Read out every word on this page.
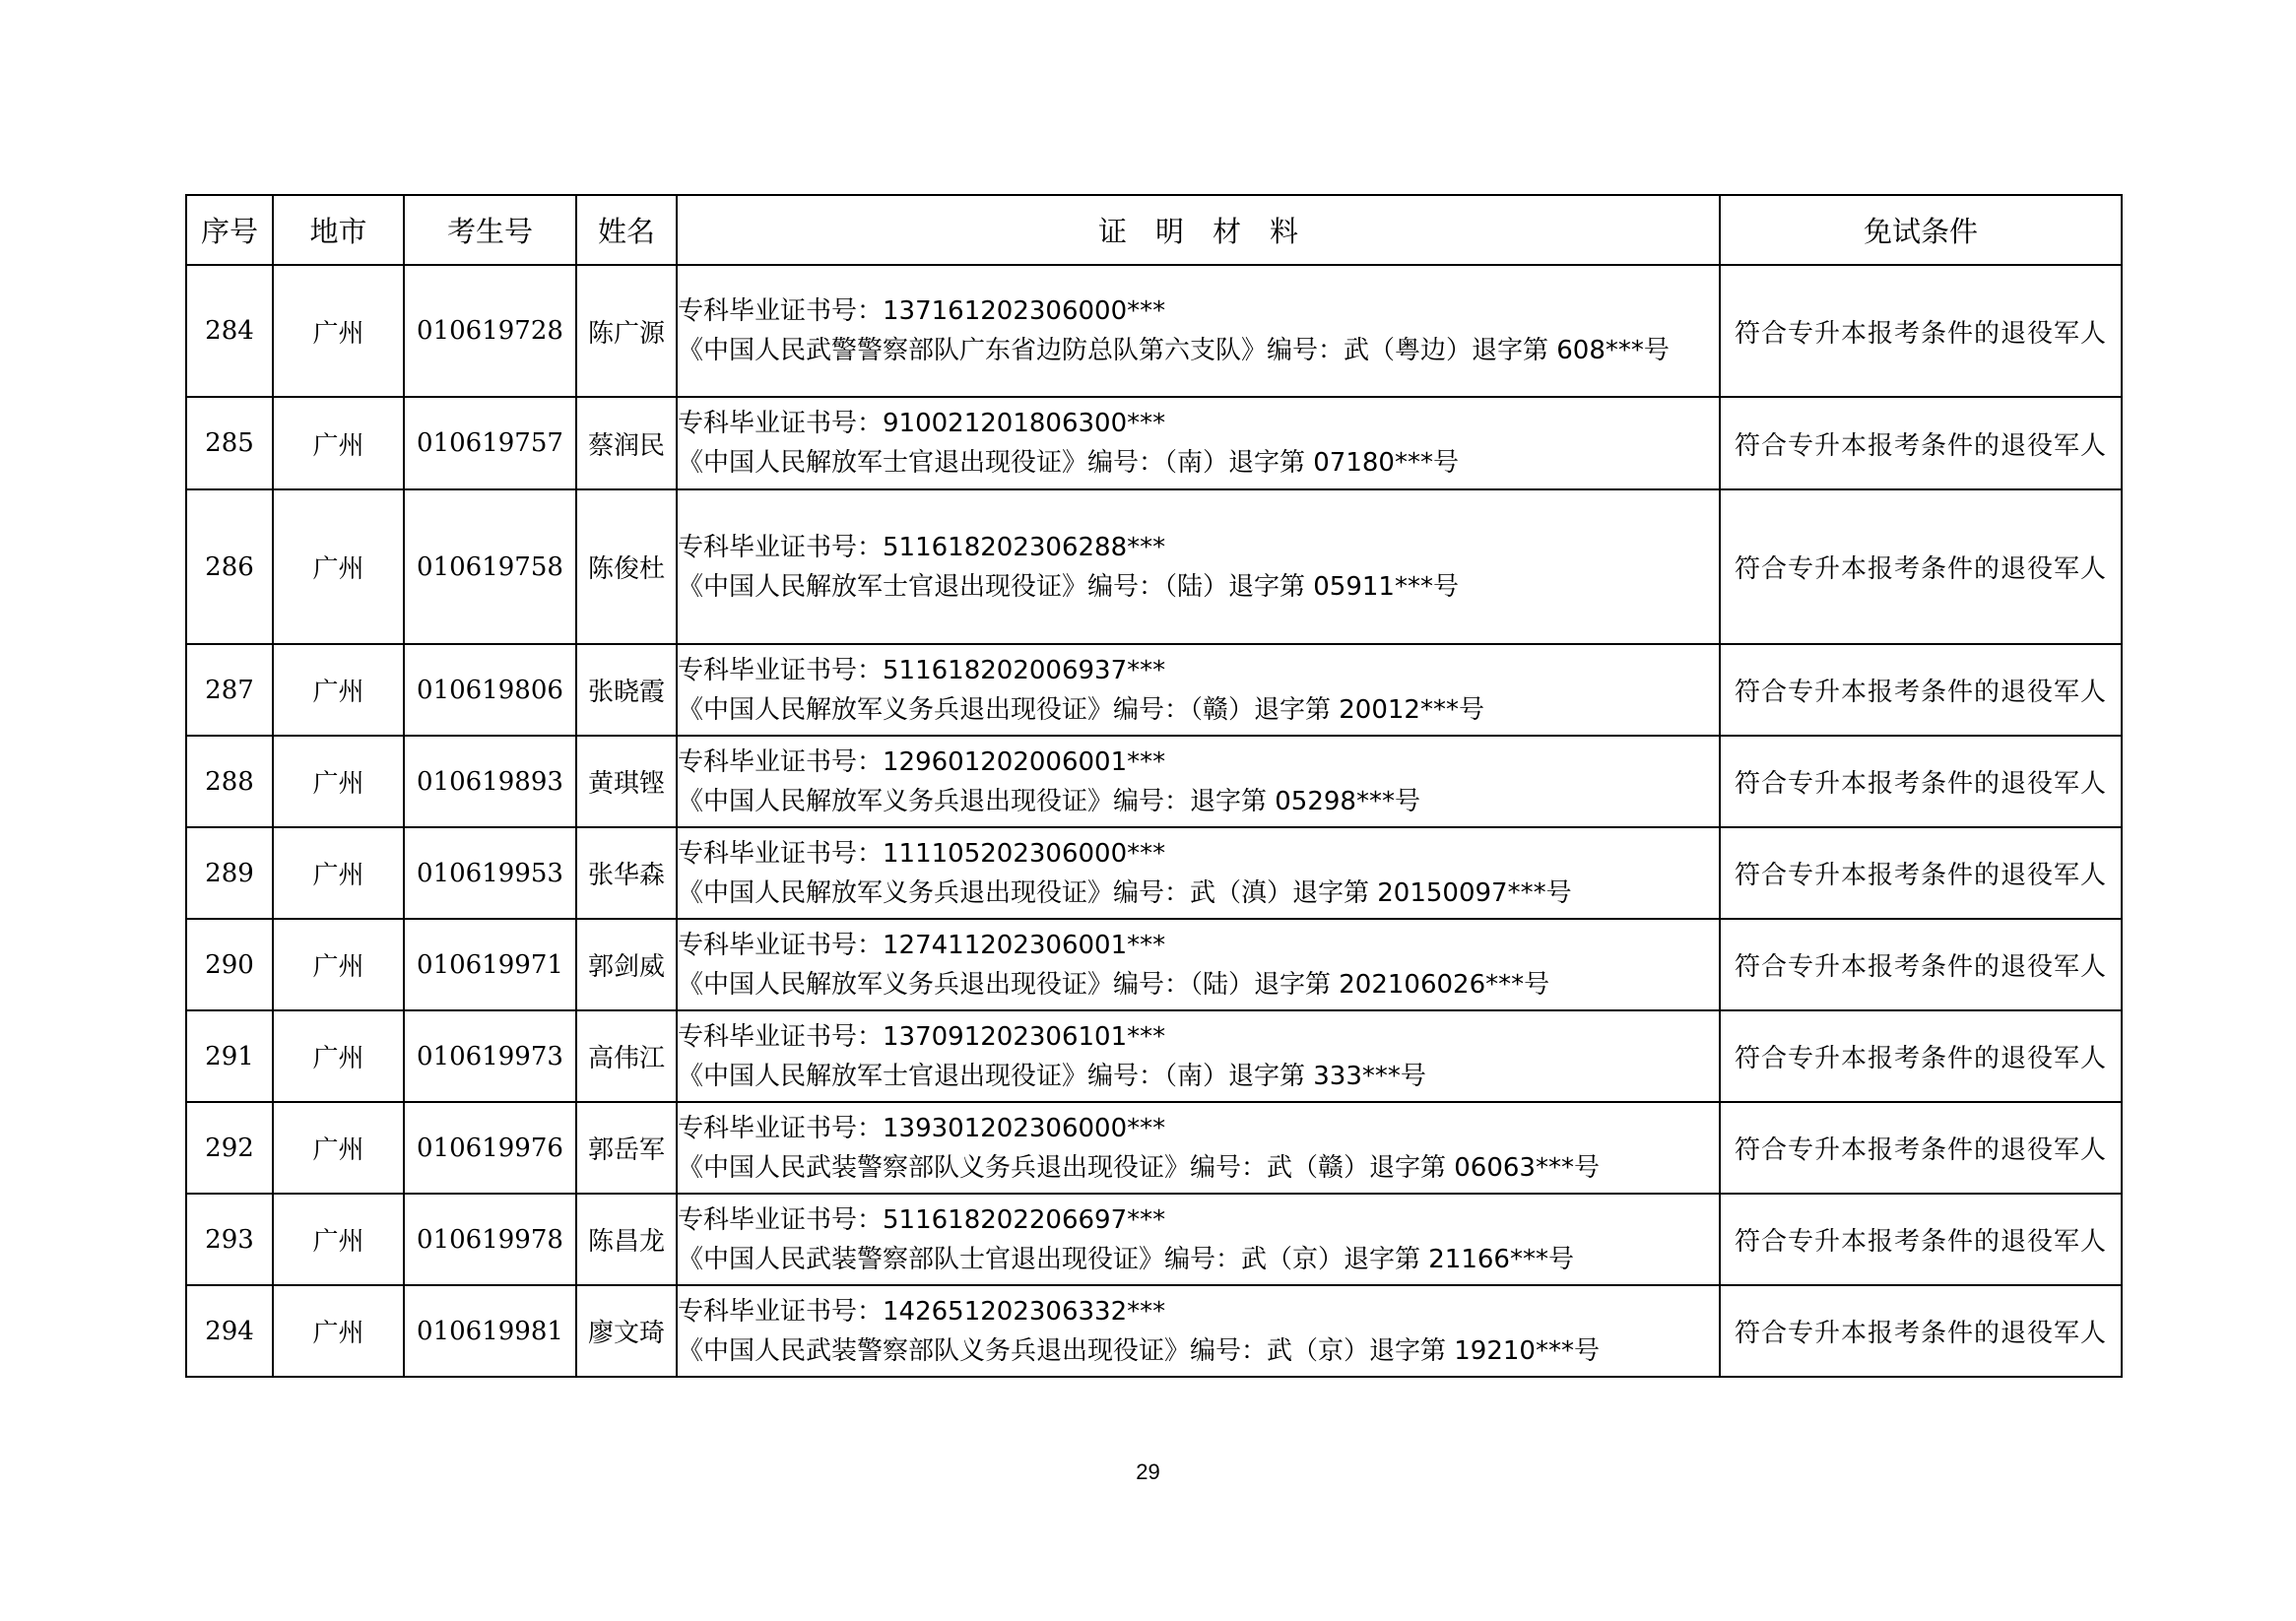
序号	地市	考生号	姓名	证　明　材　料	免试条件
284	广州	010619728	陈广源	专科毕业证书号：137161202306000***
《中国人民武警警察部队广东省边防总队第六支队》编号：武（粤边）退字第 608***号	符合专升本报考条件的退役军人
285	广州	010619757	蔡润民	专科毕业证书号：910021201806300***
《中国人民解放军士官退出现役证》编号：（南）退字第 07180***号	符合专升本报考条件的退役军人
286	广州	010619758	陈俊杜	专科毕业证书号：511618202306288***
《中国人民解放军士官退出现役证》编号：（陆）退字第 05911***号	符合专升本报考条件的退役军人
287	广州	010619806	张晓霞	专科毕业证书号：511618202006937***
《中国人民解放军义务兵退出现役证》编号：（赣）退字第 20012***号	符合专升本报考条件的退役军人
288	广州	010619893	黄琪铿	专科毕业证书号：129601202006001***
《中国人民解放军义务兵退出现役证》编号：退字第 05298***号	符合专升本报考条件的退役军人
289	广州	010619953	张华森	专科毕业证书号：111105202306000***
《中国人民解放军义务兵退出现役证》编号：武（滇）退字第 20150097***号	符合专升本报考条件的退役军人
290	广州	010619971	郭剑威	专科毕业证书号：127411202306001***
《中国人民解放军义务兵退出现役证》编号：（陆）退字第 202106026***号	符合专升本报考条件的退役军人
291	广州	010619973	高伟江	专科毕业证书号：137091202306101***
《中国人民解放军士官退出现役证》编号：（南）退字第 333***号	符合专升本报考条件的退役军人
292	广州	010619976	郭岳军	专科毕业证书号：139301202306000***
《中国人民武装警察部队义务兵退出现役证》编号：武（赣）退字第 06063***号	符合专升本报考条件的退役军人
293	广州	010619978	陈昌龙	专科毕业证书号：511618202206697***
《中国人民武装警察部队士官退出现役证》编号：武（京）退字第 21166***号	符合专升本报考条件的退役军人
294	广州	010619981	廖文琦	专科毕业证书号：142651202306332***
《中国人民武装警察部队义务兵退出现役证》编号：武（京）退字第 19210***号	符合专升本报考条件的退役军人
29
